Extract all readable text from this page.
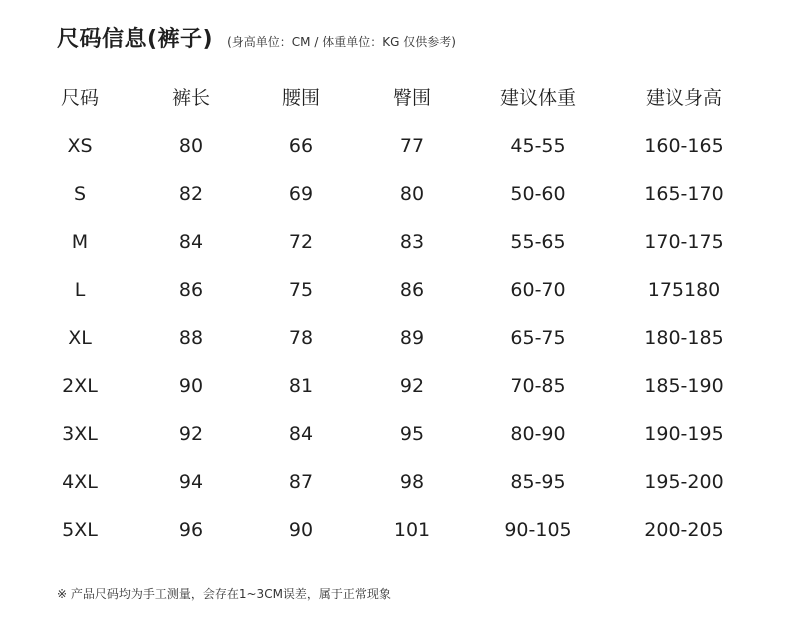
尺码信息(裤子) (身高单位：CM / 体重单位：KG 仅供参考)
尺码	裤长	腰围	臀围	建议体重	建议身高
XS	80	66	77	45-55	160-165
S	82	69	80	50-60	165-170
M	84	72	83	55-65	170-175
L	86	75	86	60-70	175180
XL	88	78	89	65-75	180-185
2XL	90	81	92	70-85	185-190
3XL	92	84	95	80-90	190-195
4XL	94	87	98	85-95	195-200
5XL	96	90	101	90-105	200-205
※ 产品尺码均为手工测量，会存在1~3CM误差，属于正常现象
